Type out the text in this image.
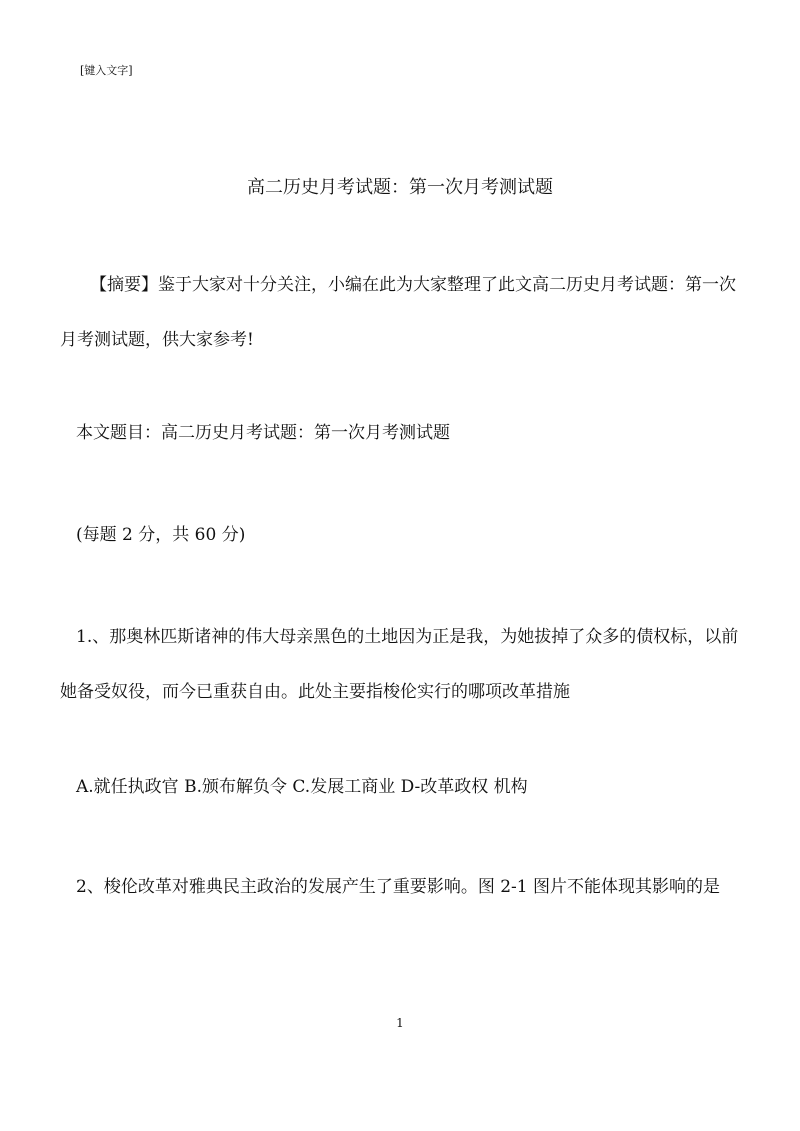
[键入文字]
高二历史月考试题：第一次月考测试题

【摘要】鉴于大家对十分关注，小编在此为大家整理了此文高二历史月考试题：第一次月考测试题，供大家参考!

本文题目：高二历史月考试题：第一次月考测试题

(每题 2 分，共 60 分)

1.、那奥林匹斯诸神的伟大母亲黑色的土地因为正是我，为她拔掉了众多的债权标，以前她备受奴役，而今已重获自由。此处主要指梭伦实行的哪项改革措施

A.就任执政官 B.颁布解负令 C.发展工商业 D-改革政权 机构

2、梭伦改革对雅典民主政治的发展产生了重要影响。图 2-1 图片不能体现其影响的是

1
